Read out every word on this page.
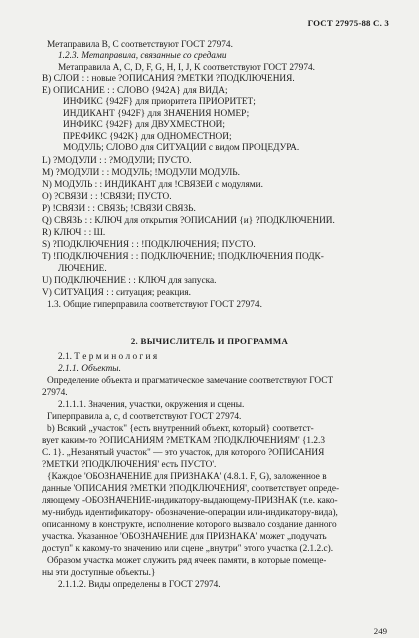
ГОСТ 27975-88 С. 3
Метаправила B, C соответствуют ГОСТ 27974.
1.2.3. Метаправила, связанные со средами
Метаправила A, C, D, F, G, H, I, J, K соответствуют ГОСТ 27974.
B) СЛОЙ : : новые ?ОПИСАНИЯ ?МЕТКИ ?ПОДКЛЮЧЕНИЯ.
E) ОПИСАНИЕ : : СЛОВО {942A} для ВИДА;
ИНФИКС {942F} для приоритета ПРИОРИТЕТ;
ИНДИКАНТ {942F} для ЗНАЧЕНИЯ НОМЕР;
ИНФИКС {942F} для ДВУХМЕСТНОЙ;
ПРЕФИКС {942K} для ОДНОМЕСТНОЙ;
МОДУЛЬ; СЛОВО для СИТУАЦИЙ с видом ПРОЦЕДУРА.
L) ?МОДУЛИ : : ?МОДУЛИ; ПУСТО.
M) ?МОДУЛИ : : МОДУЛЬ; !МОДУЛИ МОДУЛЬ.
N) МОДУЛЬ : : ИНДИКАНТ для !СВЯЗЕЙ с модулями.
O) ?СВЯЗИ : : !СВЯЗИ; ПУСТО.
P) !СВЯЗИ : : СВЯЗЬ; !СВЯЗИ СВЯЗЬ.
Q) СВЯЗЬ : : КЛЮЧ для открытия ?ОПИСАНИЙ {и} ?ПОДКЛЮЧЕНИЙ.
R) КЛЮЧ : : Ш.
S) ?ПОДКЛЮЧЕНИЯ : : !ПОДКЛЮЧЕНИЯ; ПУСТО.
T) !ПОДКЛЮЧЕНИЯ : : ПОДКЛЮЧЕНИЕ; !ПОДКЛЮЧЕНИЯ ПОДК-
ЛЮЧЕНИЕ.
U) ПОДКЛЮЧЕНИЕ : : КЛЮЧ для запуска.
V) СИТУАЦИЯ : : ситуация; реакция.
1.3. Общие гиперправила соответствуют ГОСТ 27974.
2. ВЫЧИСЛИТЕЛЬ И ПРОГРАММА
2.1. Т е р м и н о л о г и я
2.1.1. Объекты.
Определение объекта и прагматическое замечание соответствуют ГОСТ
27974.
2.1.1.1. Значения, участки, окружения и сцены.
Гиперправила a, c, d соответствуют ГОСТ 27974.
b) Всякий „участок" {есть внутренний объект, который} соответст-
вует каким-то ?ОПИСАНИЯМ ?МЕТКАМ ?ПОДКЛЮЧЕНИЯМ' {1.2.3
C. 1}. „Незанятый участок" — это участок, для которого ?ОПИСАНИЯ
?МЕТКИ ?ПОДКЛЮЧЕНИЯ' есть ПУСТО'.
{Каждое 'ОБОЗНАЧЕНИЕ для ПРИЗНАКА' (4.8.1. F, G), заложенное в
данные 'ОПИСАНИЯ ?МЕТКИ ?ПОДКЛЮЧЕНИЯ', соответствует опреде-
ляющему -ОБОЗНАЧЕНИЕ-индикатору-выдающему-ПРИЗНАК (т.е. како-
му-нибудь идентификатору- обозначение-операции или-индикатору-вида),
описанному в конструкте, исполнение которого вызвало создание данного
участка. Указанное 'ОБОЗНАЧЕНИЕ для ПРИЗНАКА' может „подучать
доступ" к какому-то значению или сцене „внутри" этого участка (2.1.2.с).
Образом участка может служить ряд ячеек памяти, в которые помеще-
ны эти доступные объекты.}
2.1.1.2. Виды определены в ГОСТ 27974.
249
